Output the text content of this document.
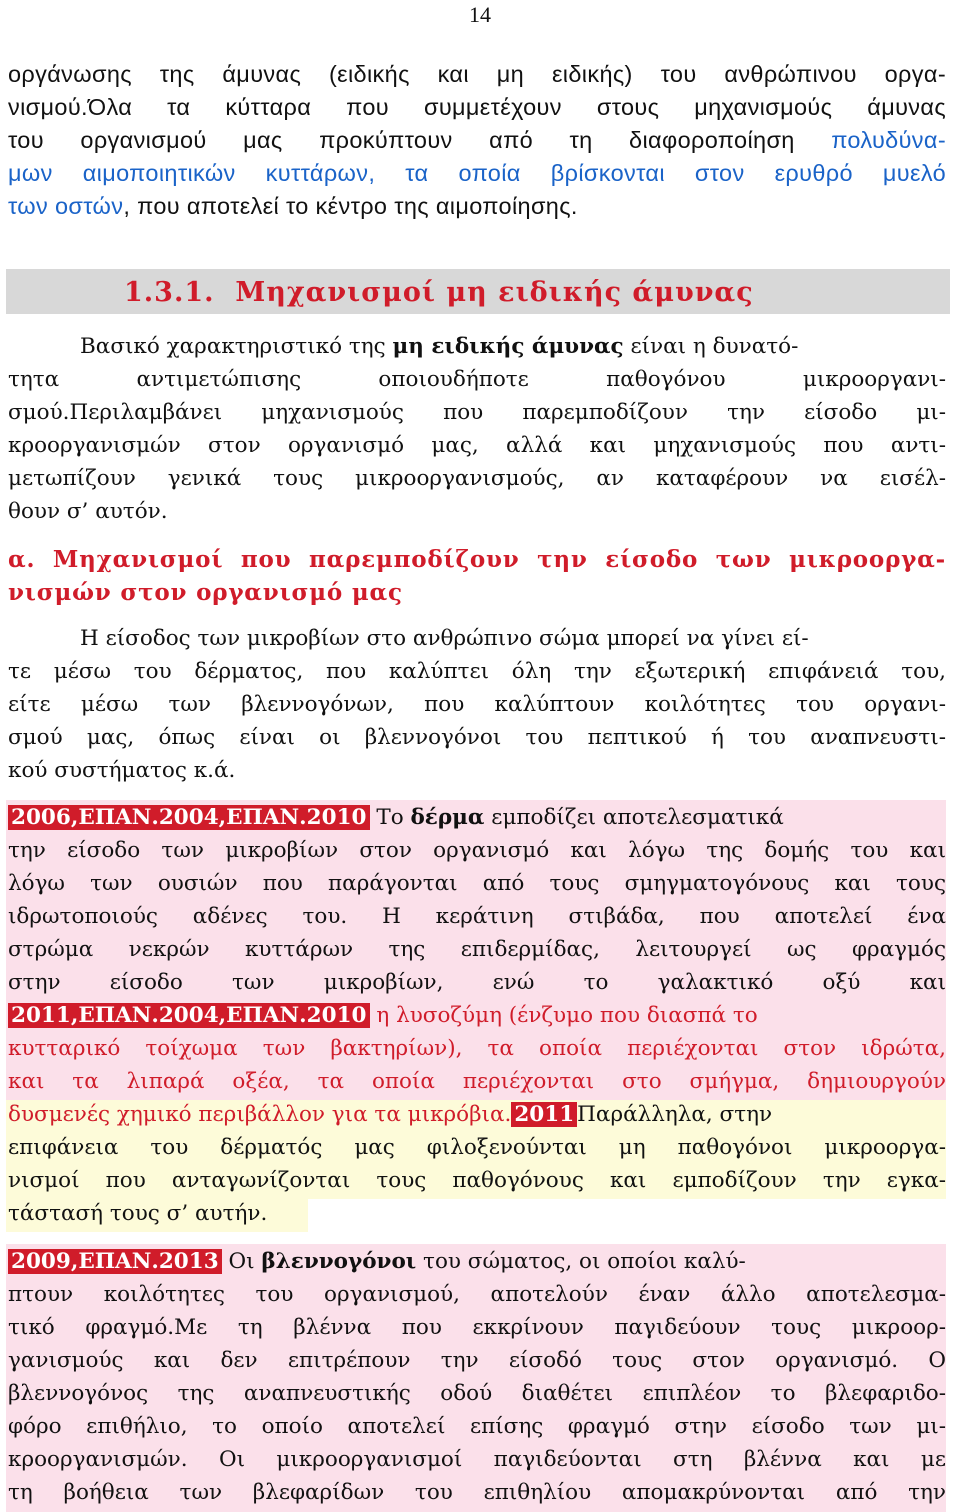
14
οργάνωσης της άμυνας (ειδικής και μη ειδικής) του ανθρώπινου οργα-
νισμού.Όλα τα κύτταρα που συμμετέχουν στους μηχανισμούς άμυνας
του οργανισμού μας προκύπτουν από τη διαφοροποίηση πολυδύνα-
μων αιμοποιητικών κυττάρων, τα οποία βρίσκονται στον ερυθρό μυελό
των οστών, που αποτελεί το κέντρο της αιμοποίησης.
1.3.1. Μηχανισμοί μη ειδικής άμυνας
Βασικό χαρακτηριστικό της μη ειδικής άμυνας είναι η δυνατό-
τητα αντιμετώπισης οποιουδήποτε παθογόνου μικροοργανι-
σμού.Περιλαμβάνει μηχανισμούς που παρεμποδίζουν την είσοδο μι-
κροοργανισμών στον οργανισμό μας, αλλά και μηχανισμούς που αντι-
μετωπίζουν γενικά τους μικροοργανισμούς, αν καταφέρουν να εισέλ-
θουν σ’ αυτόν.
α. Μηχανισμοί που παρεμποδίζουν την είσοδο των μικροοργα-
νισμών στον οργανισμό μας
Η είσοδος των μικροβίων στο ανθρώπινο σώμα μπορεί να γίνει εί-
τε μέσω του δέρματος, που καλύπτει όλη την εξωτερική επιφάνειά του,
είτε μέσω των βλεννογόνων, που καλύπτουν κοιλότητες του οργανι-
σμού μας, όπως είναι οι βλεννογόνοι του πεπτικού ή του αναπνευστι-
κού συστήματος κ.ά.
2006,ΕΠΑΝ.2004,ΕΠΑΝ.2010 Το δέρμα εμποδίζει αποτελεσματικά
την είσοδο των μικροβίων στον οργανισμό και λόγω της δομής του και
λόγω των ουσιών που παράγονται από τους σμηγματογόνους και τους
ιδρωτοποιούς αδένες του. Η κεράτινη στιβάδα, που αποτελεί ένα
στρώμα νεκρών κυττάρων της επιδερμίδας, λειτουργεί ως φραγμός
στην είσοδο των μικροβίων, ενώ το γαλακτικό οξύ και
2011,ΕΠΑΝ.2004,ΕΠΑΝ.2010 η λυσοζύμη (ένζυμο που διασπά το
κυτταρικό τοίχωμα των βακτηρίων), τα οποία περιέχονται στον ιδρώτα,
και τα λιπαρά οξέα, τα οποία περιέχονται στο σμήγμα, δημιουργούν
δυσμενές χημικό περιβάλλον για τα μικρόβια. 2011 Παράλληλα, στην
επιφάνεια του δέρματός μας φιλοξενούνται μη παθογόνοι μικροοργα-
νισμοί που ανταγωνίζονται τους παθογόνους και εμποδίζουν την εγκα-
τάστασή τους σ’ αυτήν.
2009,ΕΠΑΝ.2013 Οι βλεννογόνοι του σώματος, οι οποίοι καλύ-
πτουν κοιλότητες του οργανισμού, αποτελούν έναν άλλο αποτελεσμα-
τικό φραγμό.Με τη βλέννα που εκκρίνουν παγιδεύουν τους μικροορ-
γανισμούς και δεν επιτρέπουν την είσοδό τους στον οργανισμό. Ο
βλεννογόνος της αναπνευστικής οδού διαθέτει επιπλέον το βλεφαριδο-
φόρο επιθήλιο, το οποίο αποτελεί επίσης φραγμό στην είσοδο των μι-
κροοργανισμών. Οι μικροοργανισμοί παγιδεύονται στη βλέννα και με
τη βοήθεια των βλεφαρίδων του επιθηλίου απομακρύνονται από την
